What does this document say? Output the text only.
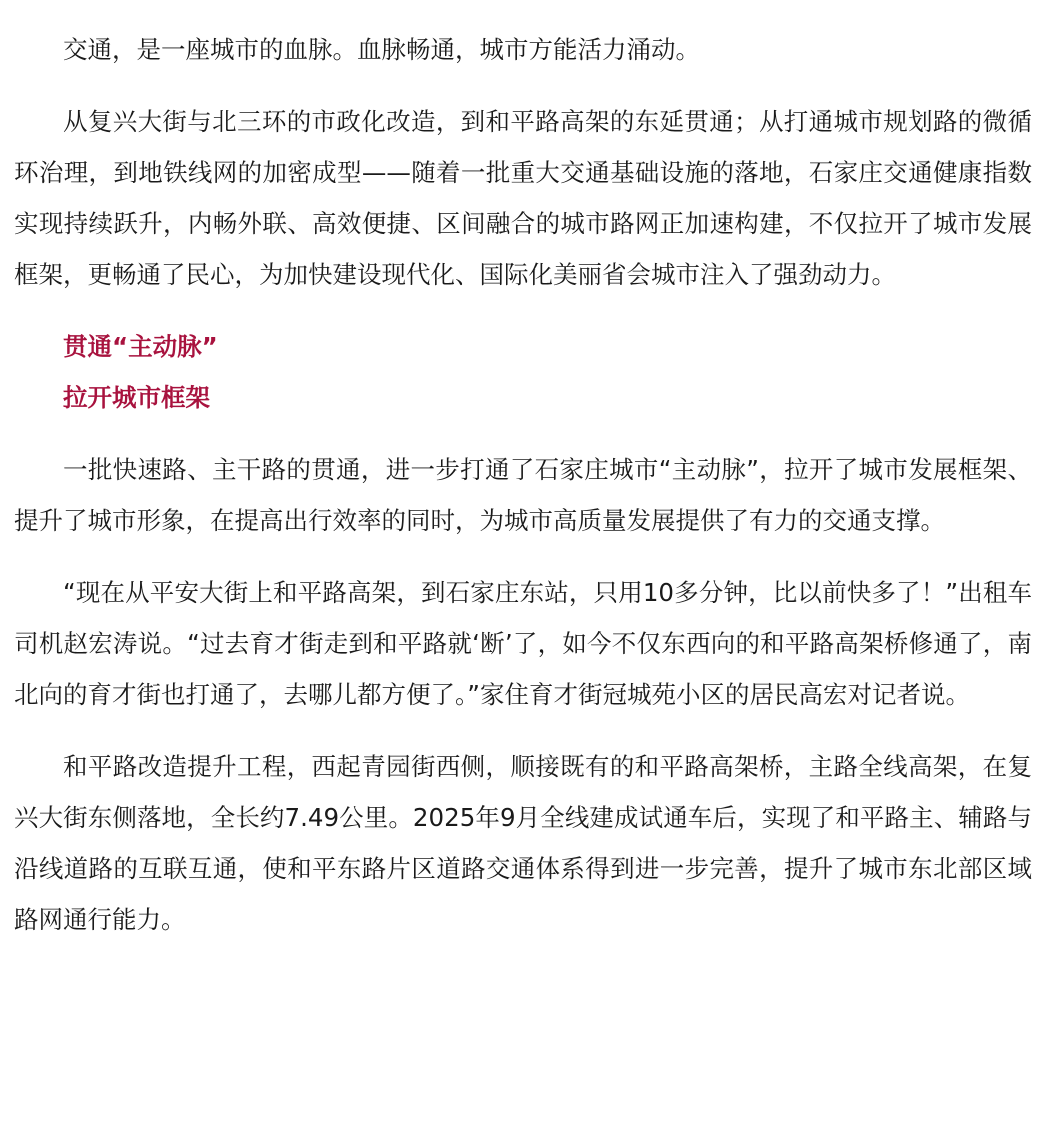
交通，是一座城市的血脉。血脉畅通，城市方能活力涌动。

从复兴大街与北三环的市政化改造，到和平路高架的东延贯通；从打通城市规划路的微循环治理，到地铁线网的加密成型——随着一批重大交通基础设施的落地，石家庄交通健康指数实现持续跃升，内畅外联、高效便捷、区间融合的城市路网正加速构建，不仅拉开了城市发展框架，更畅通了民心，为加快建设现代化、国际化美丽省会城市注入了强劲动力。

贯通“主动脉”
拉开城市框架

一批快速路、主干路的贯通，进一步打通了石家庄城市“主动脉”，拉开了城市发展框架、提升了城市形象，在提高出行效率的同时，为城市高质量发展提供了有力的交通支撑。

“现在从平安大街上和平路高架，到石家庄东站，只用10多分钟，比以前快多了！”出租车司机赵宏涛说。“过去育才街走到和平路就‘断’了，如今不仅东西向的和平路高架桥修通了，南北向的育才街也打通了，去哪儿都方便了。”家住育才街冠城苑小区的居民高宏对记者说。

和平路改造提升工程，西起青园街西侧，顺接既有的和平路高架桥，主路全线高架，在复兴大街东侧落地，全长约7.49公里。2025年9月全线建成试通车后，实现了和平路主、辅路与沿线道路的互联互通，使和平东路片区道路交通体系得到进一步完善，提升了城市东北部区域路网通行能力。
